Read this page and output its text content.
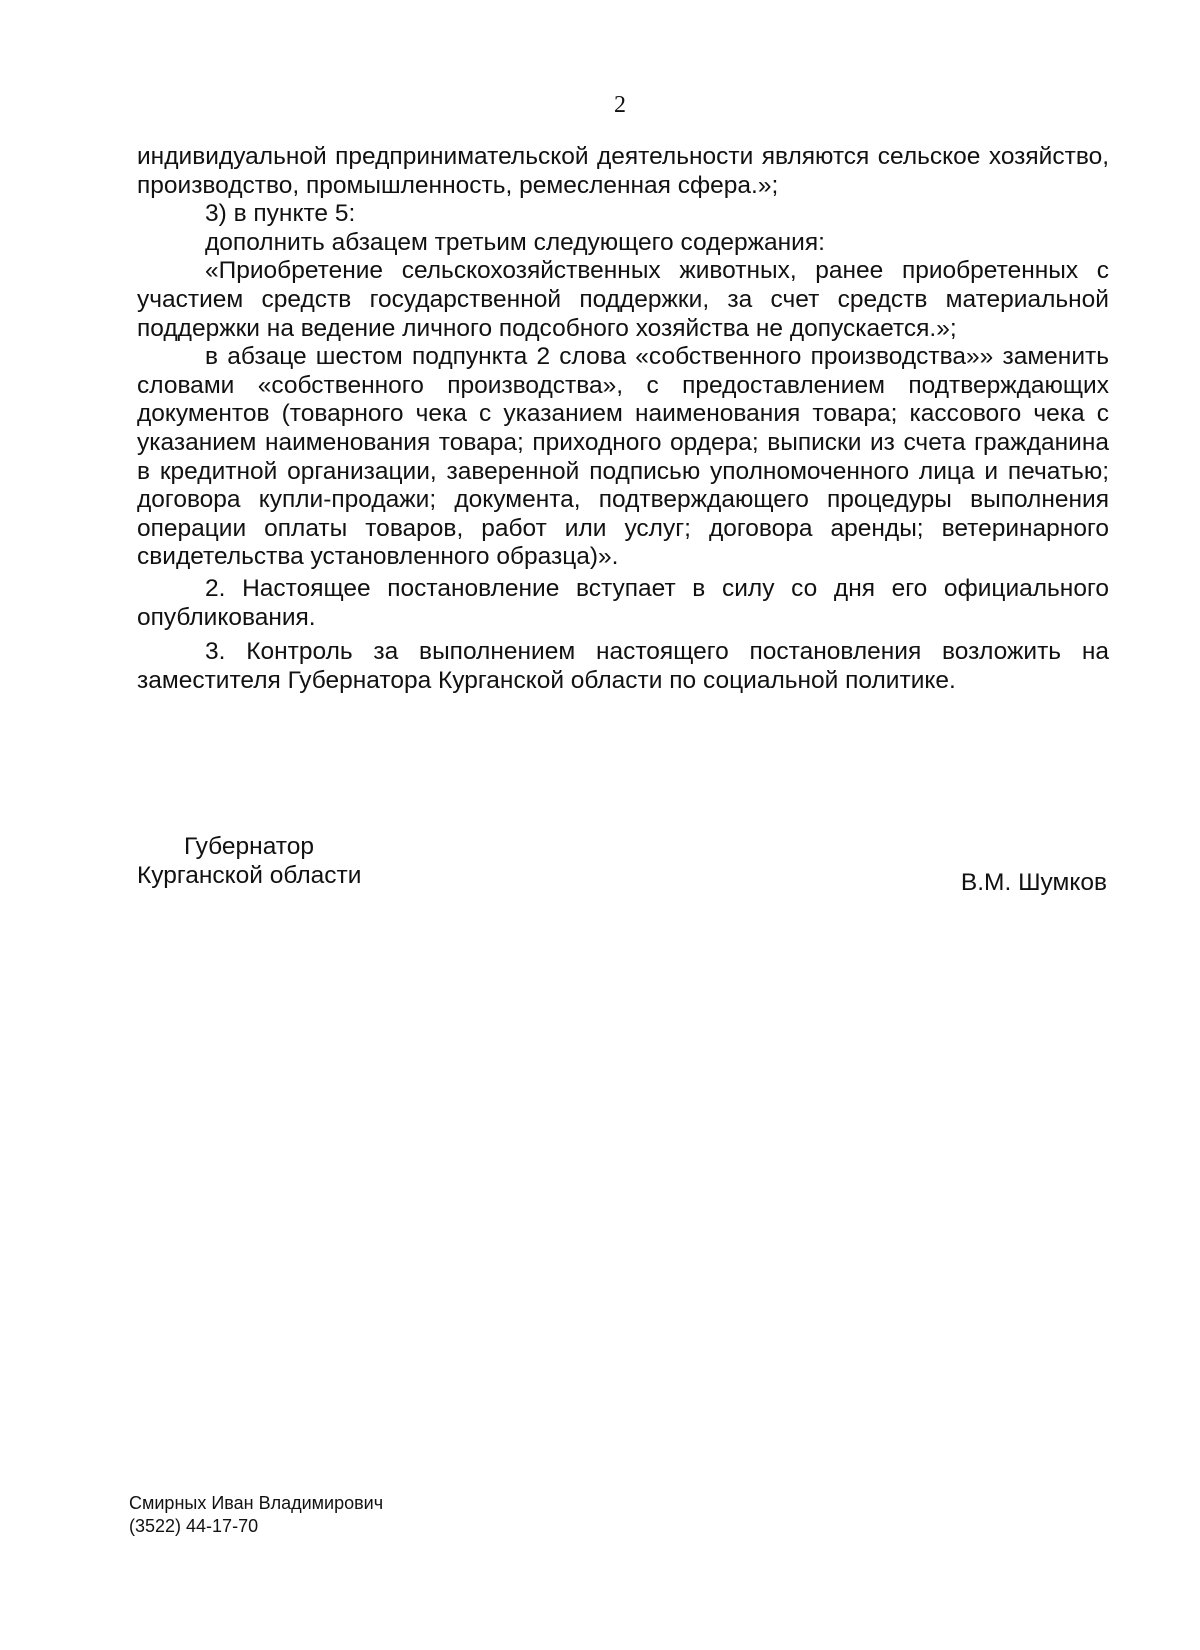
2

индивидуальной предпринимательской деятельности являются сельское хозяйство, производство, промышленность, ремесленная сфера.»;

3) в пункте 5:

дополнить абзацем третьим следующего содержания:

«Приобретение сельскохозяйственных животных, ранее приобретенных с участием средств государственной поддержки, за счет средств материальной поддержки на ведение личного подсобного хозяйства не допускается.»;

в абзаце шестом подпункта 2 слова «собственного производства»» заменить словами «собственного производства», с предоставлением подтверждающих документов (товарного чека с указанием наименования товара; кассового чека с указанием наименования товара; приходного ордера; выписки из счета гражданина в кредитной организации, заверенной подписью уполномоченного лица и печатью; договора купли-продажи; документа, подтверждающего процедуры выполнения операции оплаты товаров, работ или услуг; договора аренды; ветеринарного свидетельства установленного образца)».

2. Настоящее постановление вступает в силу со дня его официального опубликования.

3. Контроль за выполнением настоящего постановления возложить на заместителя Губернатора Курганской области по социальной политике.

Губернатор
Курганской области	В.М. Шумков
Смирных Иван Владимирович
(3522) 44-17-70
